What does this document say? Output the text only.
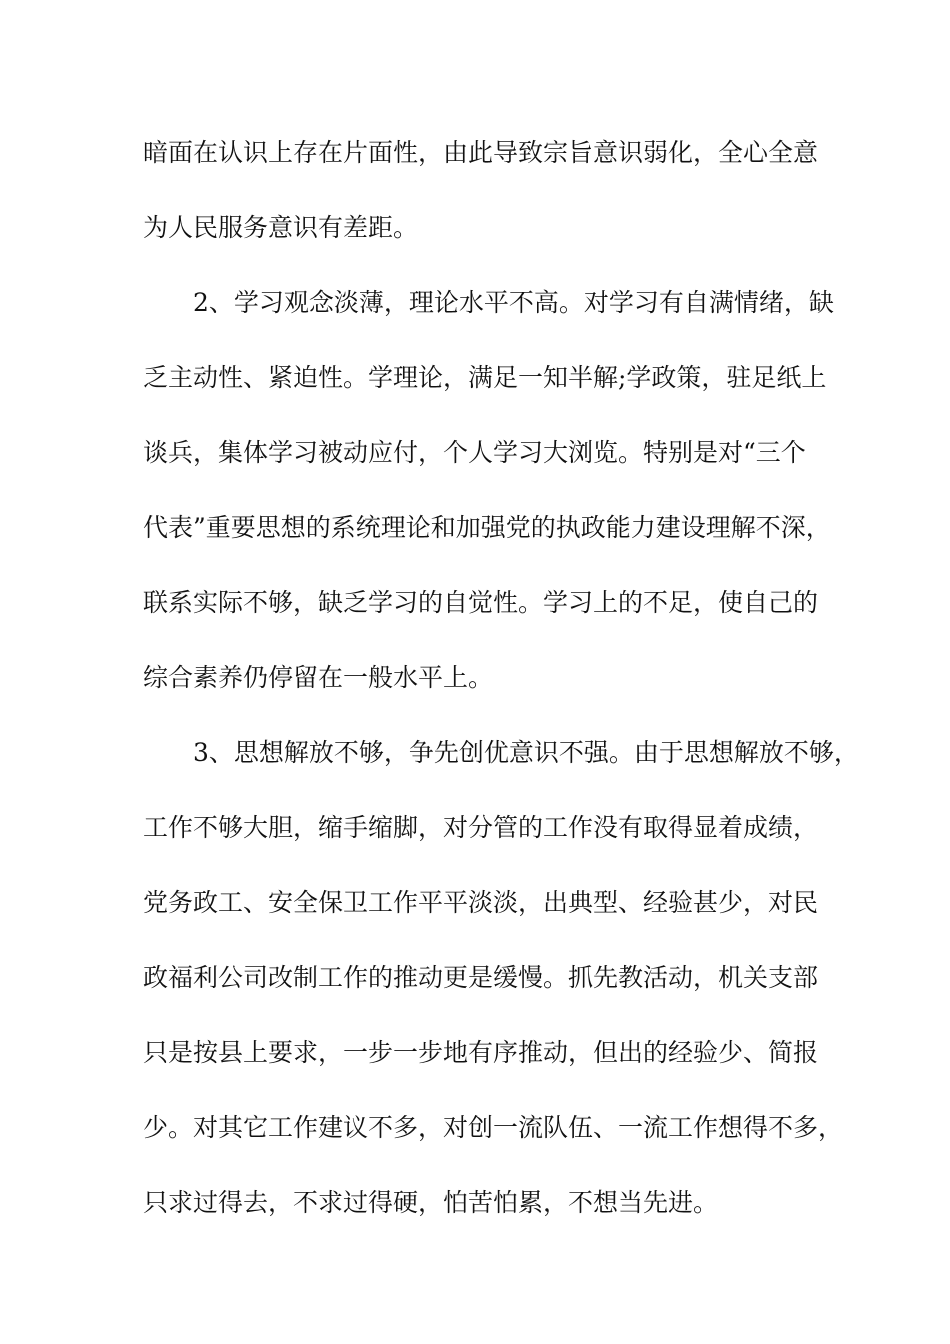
暗面在认识上存在片面性，由此导致宗旨意识弱化，全心全意
为人民服务意识有差距。
2、学习观念淡薄，理论水平不高。对学习有自满情绪，缺
乏主动性、紧迫性。学理论，满足一知半解;学政策，驻足纸上
谈兵，集体学习被动应付，个人学习大浏览。特别是对“三个
代表”重要思想的系统理论和加强党的执政能力建设理解不深，
联系实际不够，缺乏学习的自觉性。学习上的不足，使自己的
综合素养仍停留在一般水平上。
3、思想解放不够，争先创优意识不强。由于思想解放不够，
工作不够大胆，缩手缩脚，对分管的工作没有取得显着成绩，
党务政工、安全保卫工作平平淡淡，出典型、经验甚少，对民
政福利公司改制工作的推动更是缓慢。抓先教活动，机关支部
只是按县上要求，一步一步地有序推动，但出的经验少、简报
少。对其它工作建议不多，对创一流队伍、一流工作想得不多，
只求过得去，不求过得硬，怕苦怕累，不想当先进。
